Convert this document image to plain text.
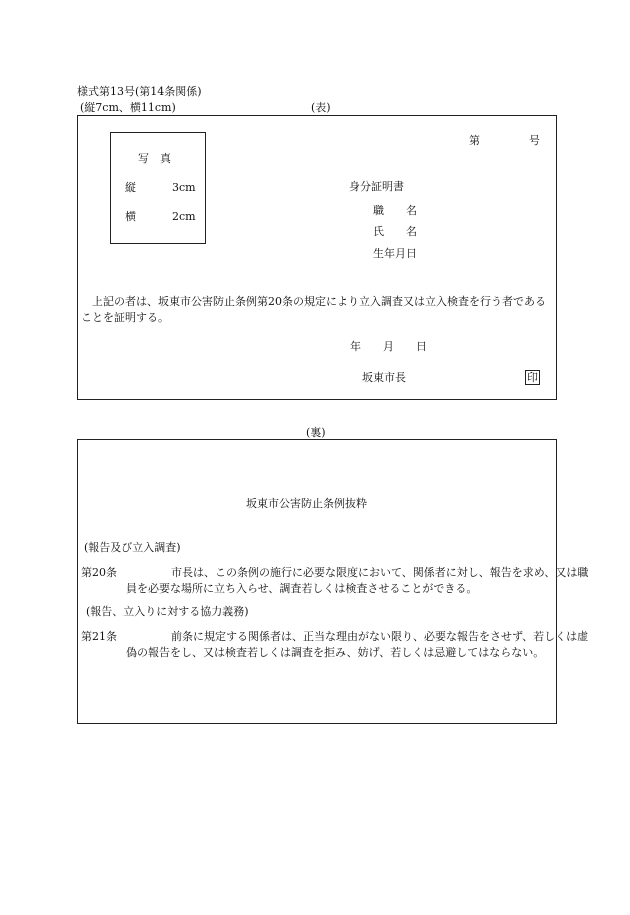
様式第13号(第14条関係)
(縦7cm、横11cm)	(表)
第	号
写　真
縦	3cm
横	2cm
身分証明書
職　　名
氏　　名
生年月日
　上記の者は、坂東市公害防止条例第20条の規定により立入調査又は立入検査を行う者であることを証明する。
年　　月　　日
坂東市長	印
(裏)
坂東市公害防止条例抜粋
(報告及び立入調査)
第20条	市長は、この条例の施行に必要な限度において、関係者に対し、報告を求め、又は職員を必要な場所に立ち入らせ、調査若しくは検査させることができる。
(報告、立入りに対する協力義務)
第21条	前条に規定する関係者は、正当な理由がない限り、必要な報告をさせず、若しくは虚偽の報告をし、又は検査若しくは調査を拒み、妨げ、若しくは忌避してはならない。
